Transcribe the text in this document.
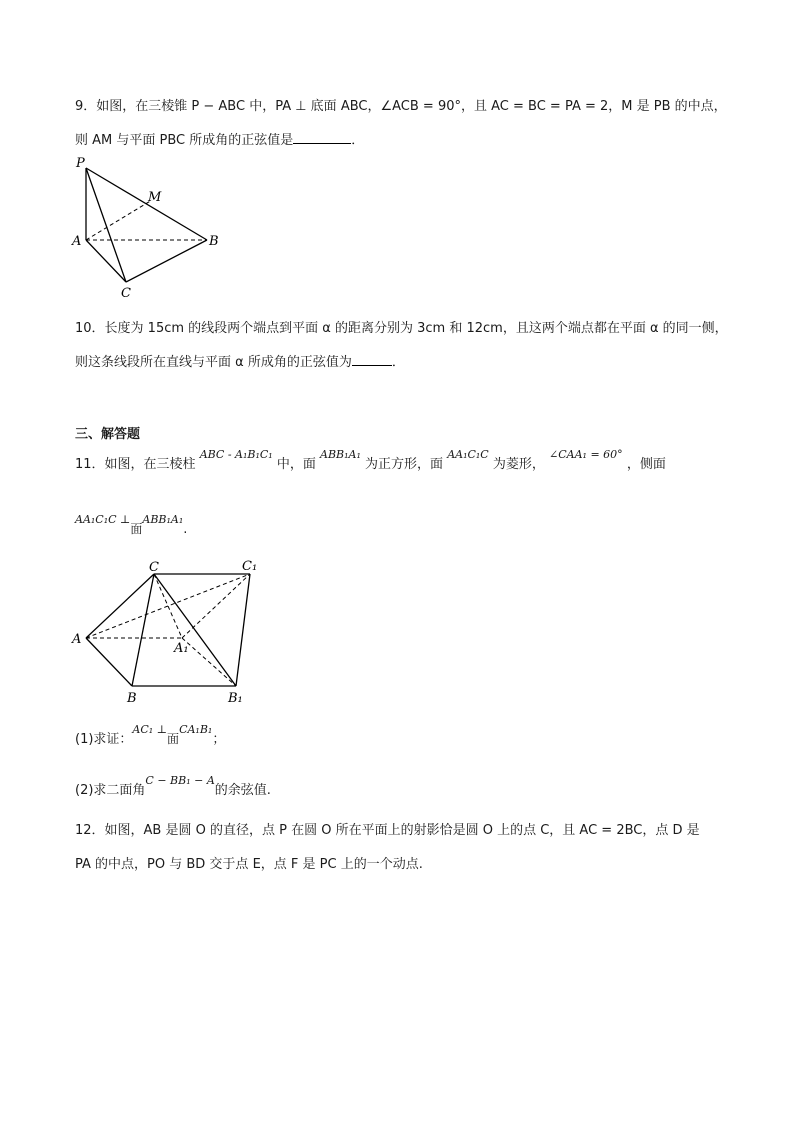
9．如图，在三棱锥 P − ABC 中，PA ⊥ 底面 ABC，∠ACB = 90°，且 AC = BC = PA = 2，M 是 PB 的中点，
则 AM 与平面 PBC 所成角的正弦值是	．
P
M
A	B
C
10．长度为 15cm 的线段两个端点到平面 α 的距离分别为 3cm 和 12cm，且这两个端点都在平面 α 的同一侧，
则这条线段所在直线与平面 α 所成角的正弦值为	．
三、解答题
11．如图，在三棱柱 $^{ABC - A_1B_1C_1}$ 中，面 $^{ABB_1A_1}$ 为正方形，面 $^{AA_1C_1C}$ 为菱形， $^{\angle CAA_1 = 60^\circ}$ ，侧面
AA₁C₁C ⊥面ABB₁A₁.
C	C₁
A
A₁
B	B₁
(1)求证：$^{AC_1 \perp}$面$^{CA_1B_1}$；
(2)求二面角$^{C - BB_1 - A}$的余弦值.
12．如图，AB 是圆 O 的直径，点 P 在圆 O 所在平面上的射影恰是圆 O 上的点 C，且 AC = 2BC，点 D 是
PA 的中点，PO 与 BD 交于点 E，点 F 是 PC 上的一个动点.
